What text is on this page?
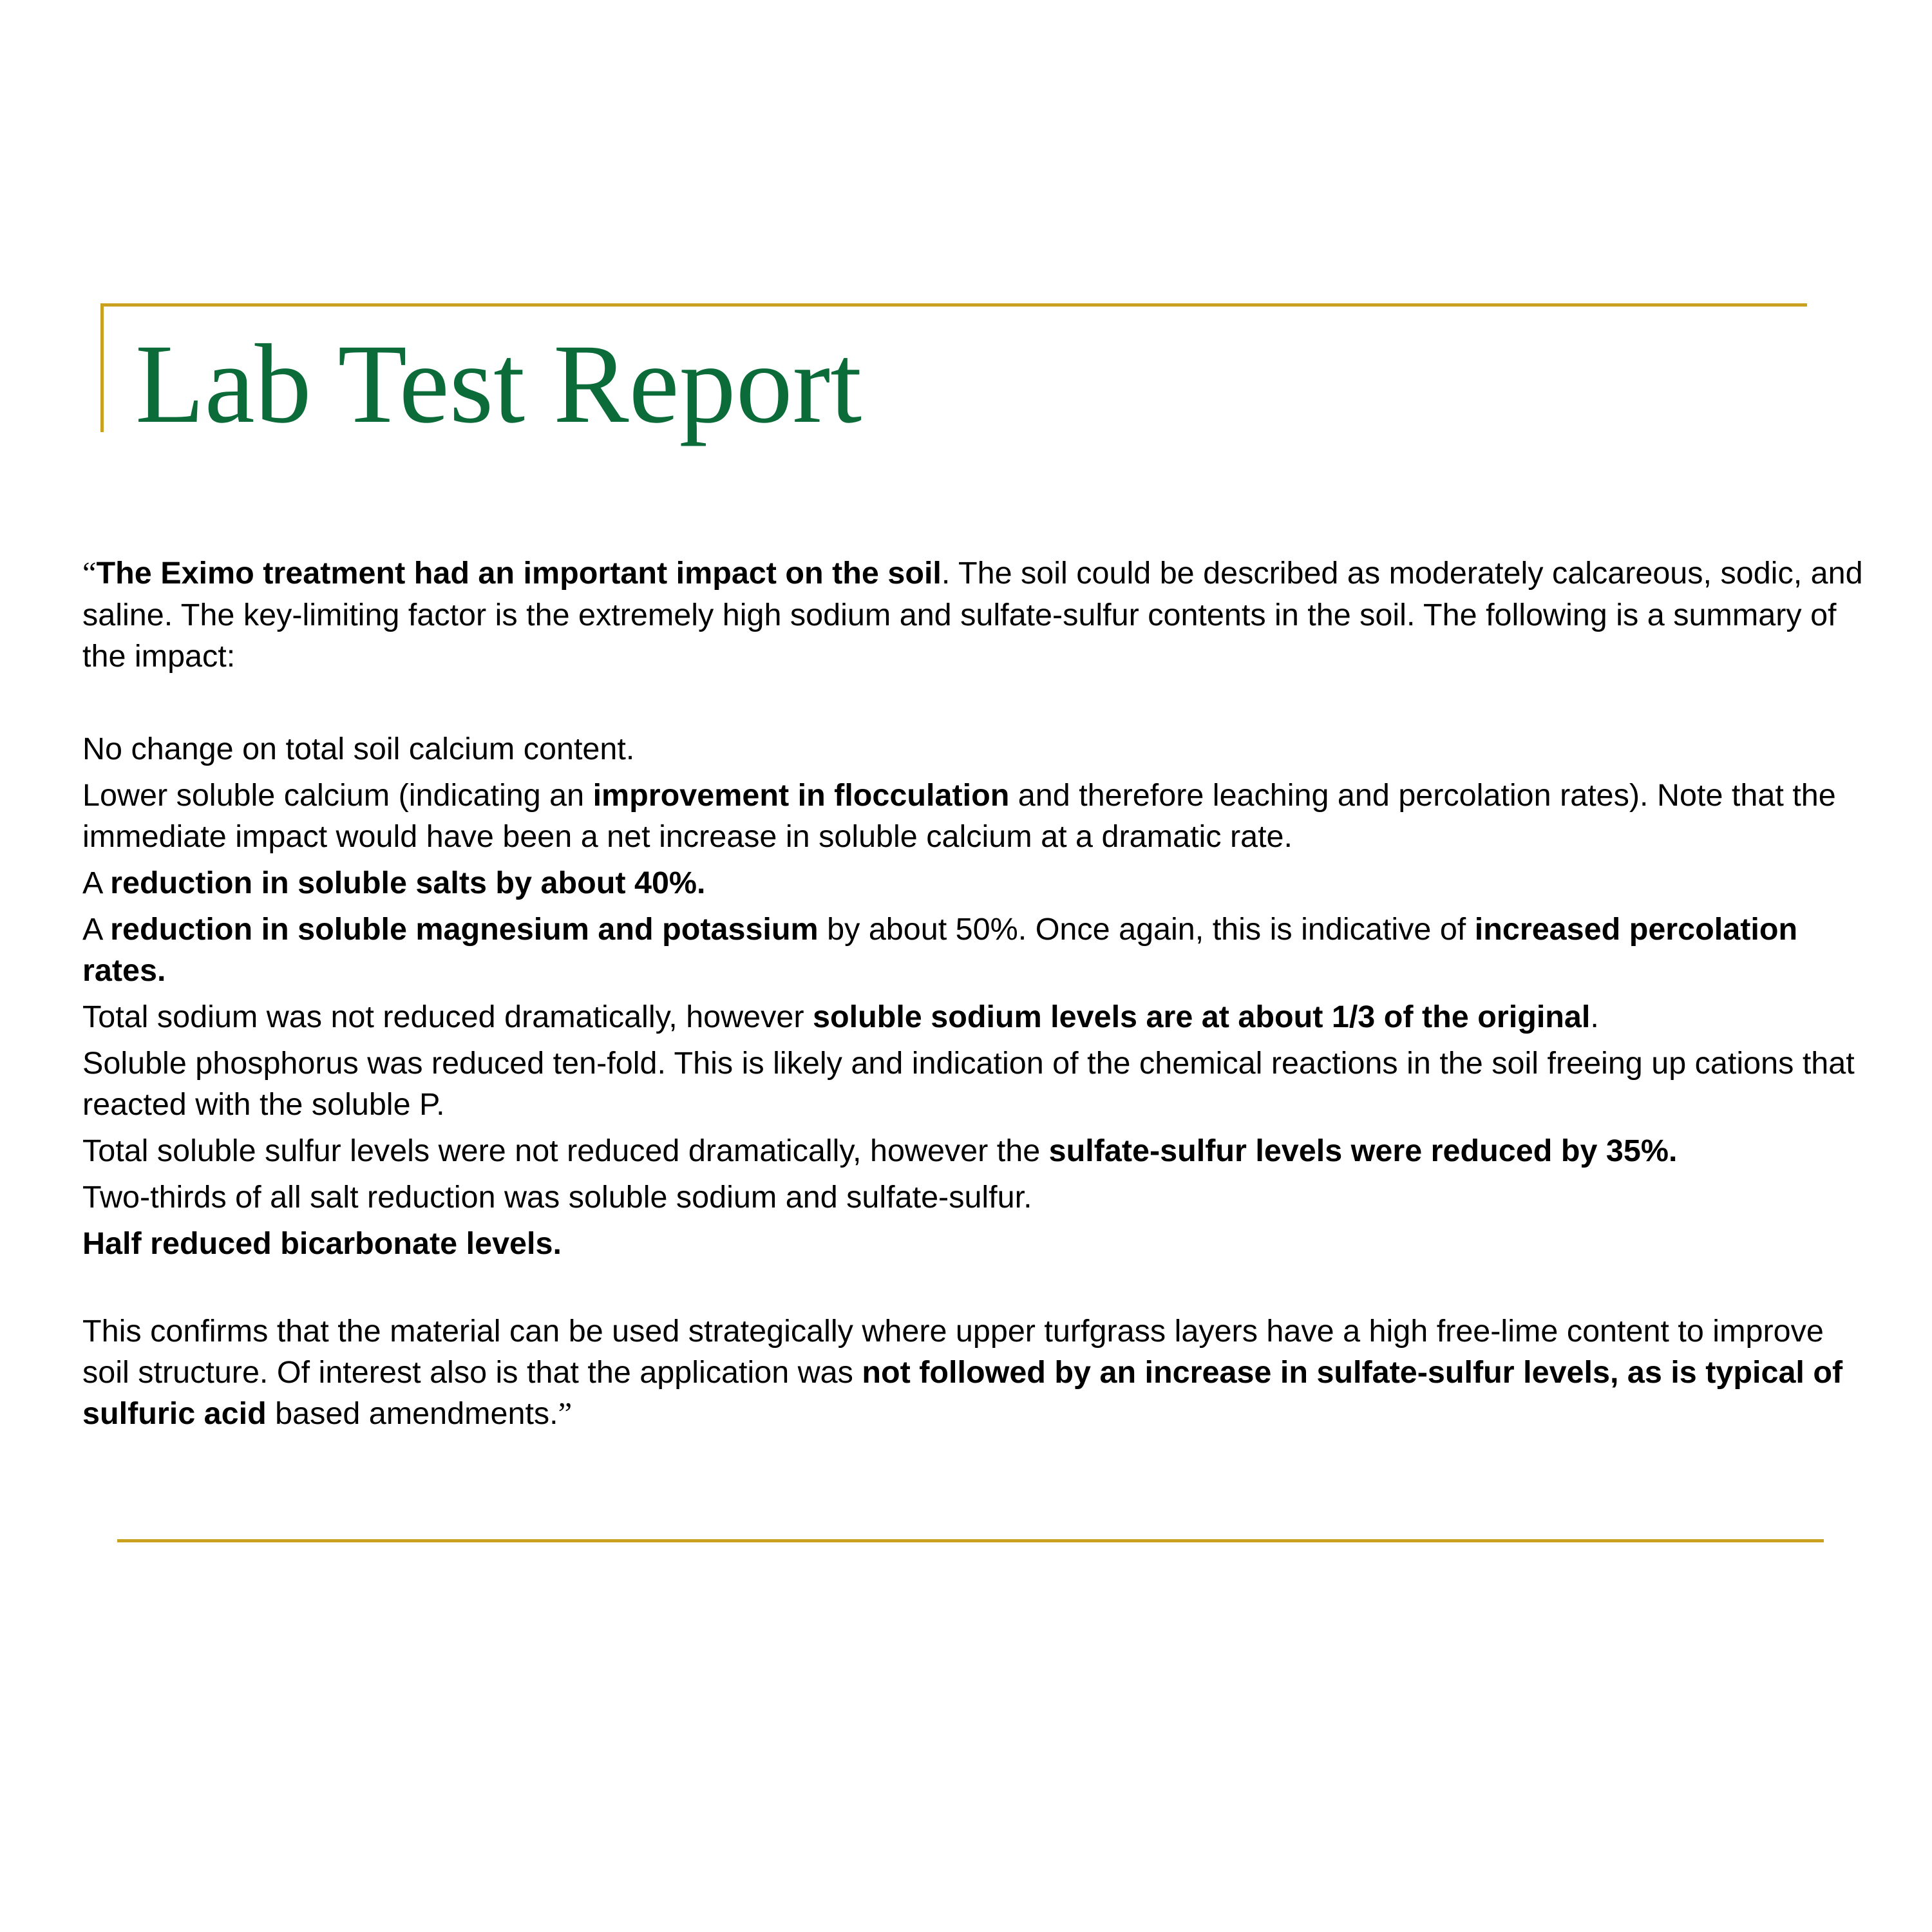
Lab Test Report

“The Eximo treatment had an important impact on the soil. The soil could be described as moderately calcareous, sodic, and saline. The key-limiting factor is the extremely high sodium and sulfate-sulfur contents in the soil. The following is a summary of the impact:

No change on total soil calcium content.

Lower soluble calcium (indicating an improvement in flocculation and therefore leaching and percolation rates). Note that the immediate impact would have been a net increase in soluble calcium at a dramatic rate.

A reduction in soluble salts by about 40%.

A reduction in soluble magnesium and potassium by about 50%. Once again, this is indicative of increased percolation rates.

Total sodium was not reduced dramatically, however soluble sodium levels are at about 1/3 of the original.

Soluble phosphorus was reduced ten-fold. This is likely and indication of the chemical reactions in the soil freeing up cations that reacted with the soluble P.

Total soluble sulfur levels were not reduced dramatically, however the sulfate-sulfur levels were reduced by 35%.

Two-thirds of all salt reduction was soluble sodium and sulfate-sulfur.

Half reduced bicarbonate levels.

This confirms that the material can be used strategically where upper turfgrass layers have a high free-lime content to improve soil structure. Of interest also is that the application was not followed by an increase in sulfate-sulfur levels, as is typical of sulfuric acid based amendments.”
